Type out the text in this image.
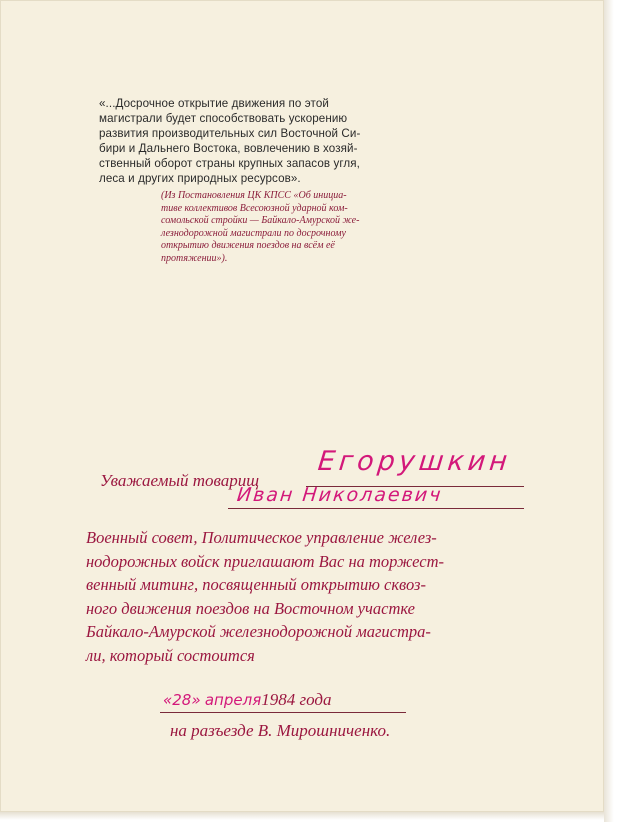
«...Досрочное открытие движения по этой
магистрали будет способствовать ускорению
развития производительных сил Восточной Си-
бири и Дальнего Востока, вовлечению в хозяй-
ственный оборот страны крупных запасов угля,
леса и других природных ресурсов».
(Из Постановления ЦК КПСС «Об инициа-
тиве коллективов Всесоюзной ударной ком-
сомольской стройки — Байкало-Амурской же-
лезнодорожной магистрали по досрочному
открытию движения поездов на всём её
протяжении»).
Уважаемый товарищ
Егорушкин
Иван Николаевич
Военный совет, Политическое управление желез-
нодорожных войск приглашают Вас на торжест-
венный митинг, посвященный открытию сквоз-
ного движения поездов на Восточном участке
Байкало-Амурской железнодорожной магистра-
ли, который состоится
«28» апреля1984 года
на разъезде В. Мирошниченко.
